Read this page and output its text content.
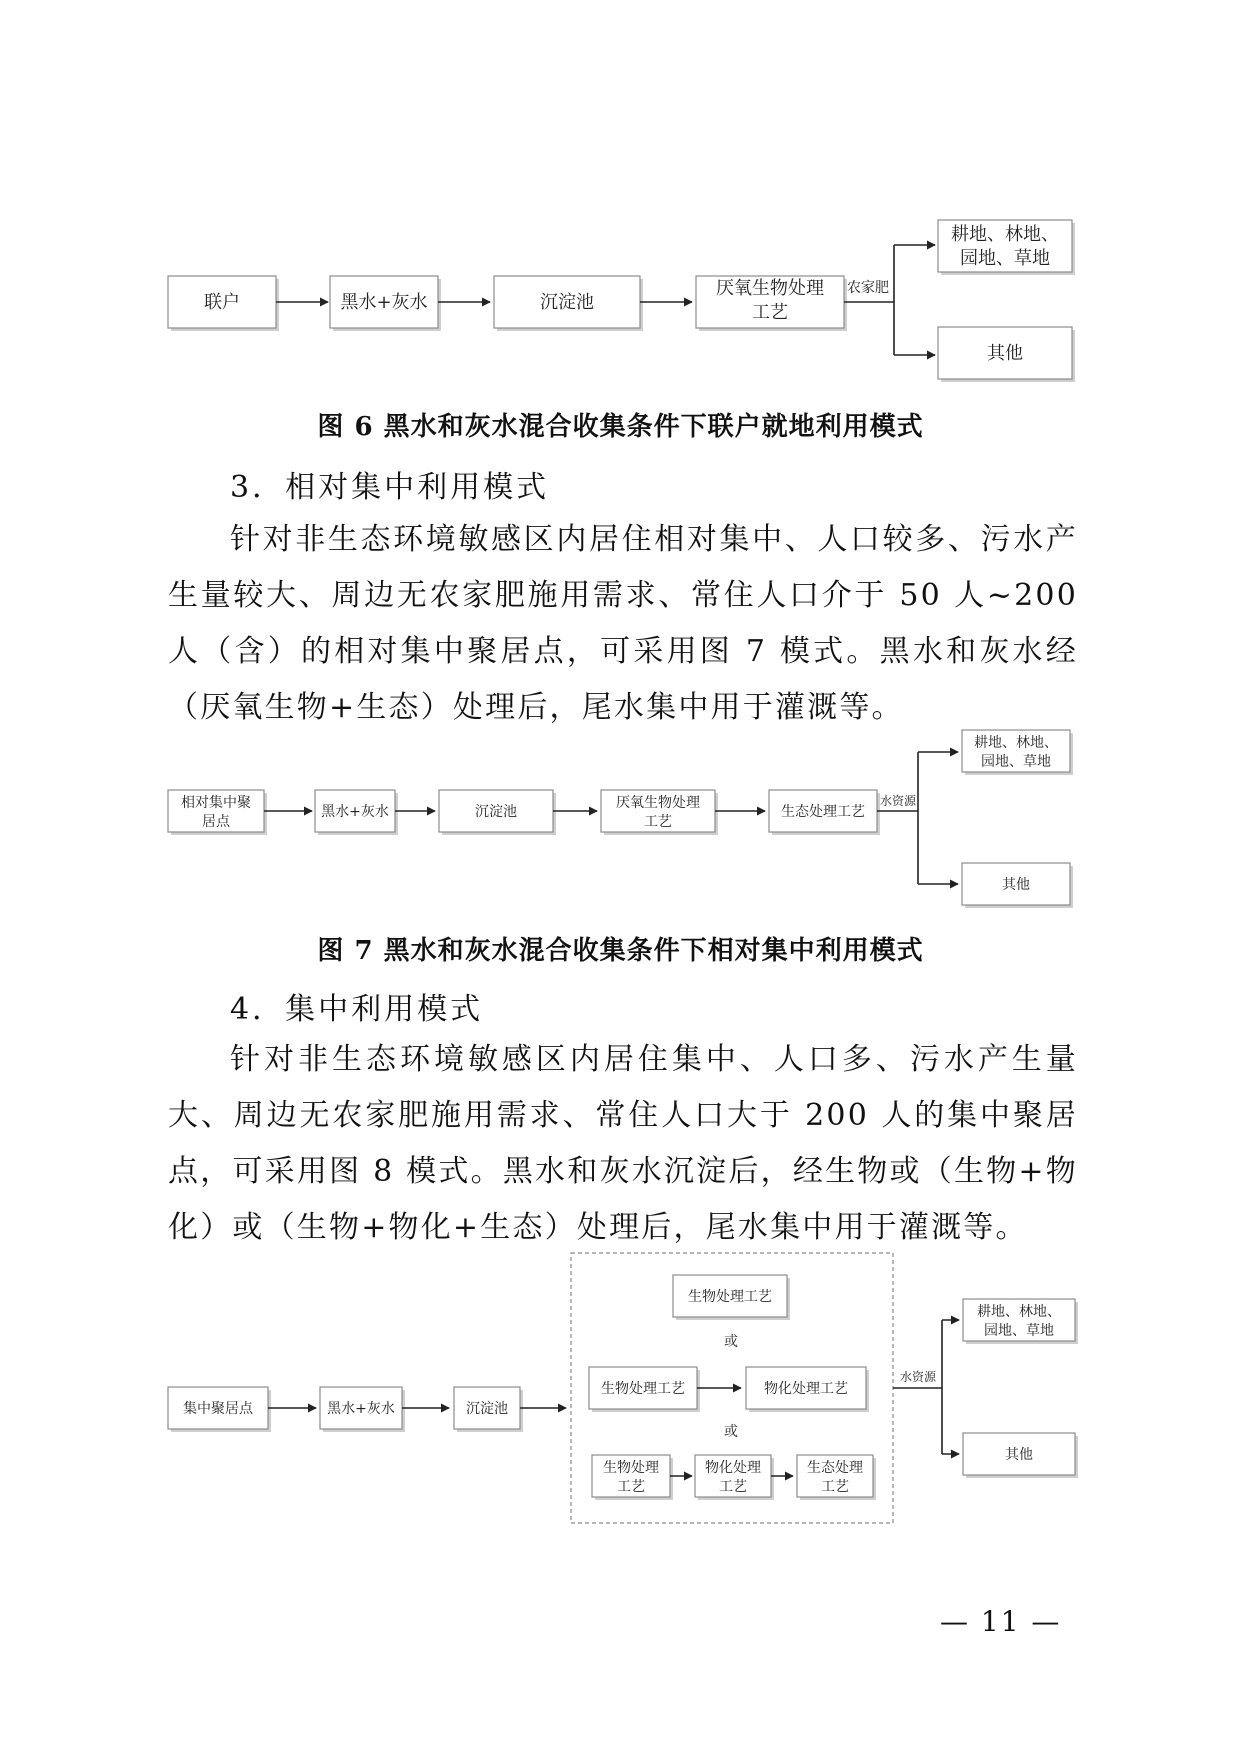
联户	黑水+灰水	沉淀池
厌氧生物处理
工艺
农家肥
耕地、林地、
园地、草地
其他
图 6 黑水和灰水混合收集条件下联户就地利用模式
3．相对集中利用模式
针对非生态环境敏感区内居住相对集中、人口较多、污水产生量较大、周边无农家肥施用需求、常住人口介于 50 人~200 人（含）的相对集中聚居点，可采用图 7 模式。黑水和灰水经（厌氧生物+生态）处理后，尾水集中用于灌溉等。
相对集中聚
居点
黑水+灰水	沉淀池
厌氧生物处理
工艺
生态处理工艺
水资源
耕地、林地、
园地、草地
其他
图 7 黑水和灰水混合收集条件下相对集中利用模式
4．集中利用模式
针对非生态环境敏感区内居住集中、人口多、污水产生量大、周边无农家肥施用需求、常住人口大于 200 人的集中聚居点，可采用图 8 模式。黑水和灰水沉淀后，经生物或（生物+物化）或（生物+物化+生态）处理后，尾水集中用于灌溉等。
集中聚居点	黑水+灰水	沉淀池
生物处理工艺
或
生物处理工艺	物化处理工艺
或
生物处理
工艺
物化处理
工艺
生态处理
工艺
水资源
耕地、林地、
园地、草地
其他
— 11 —
